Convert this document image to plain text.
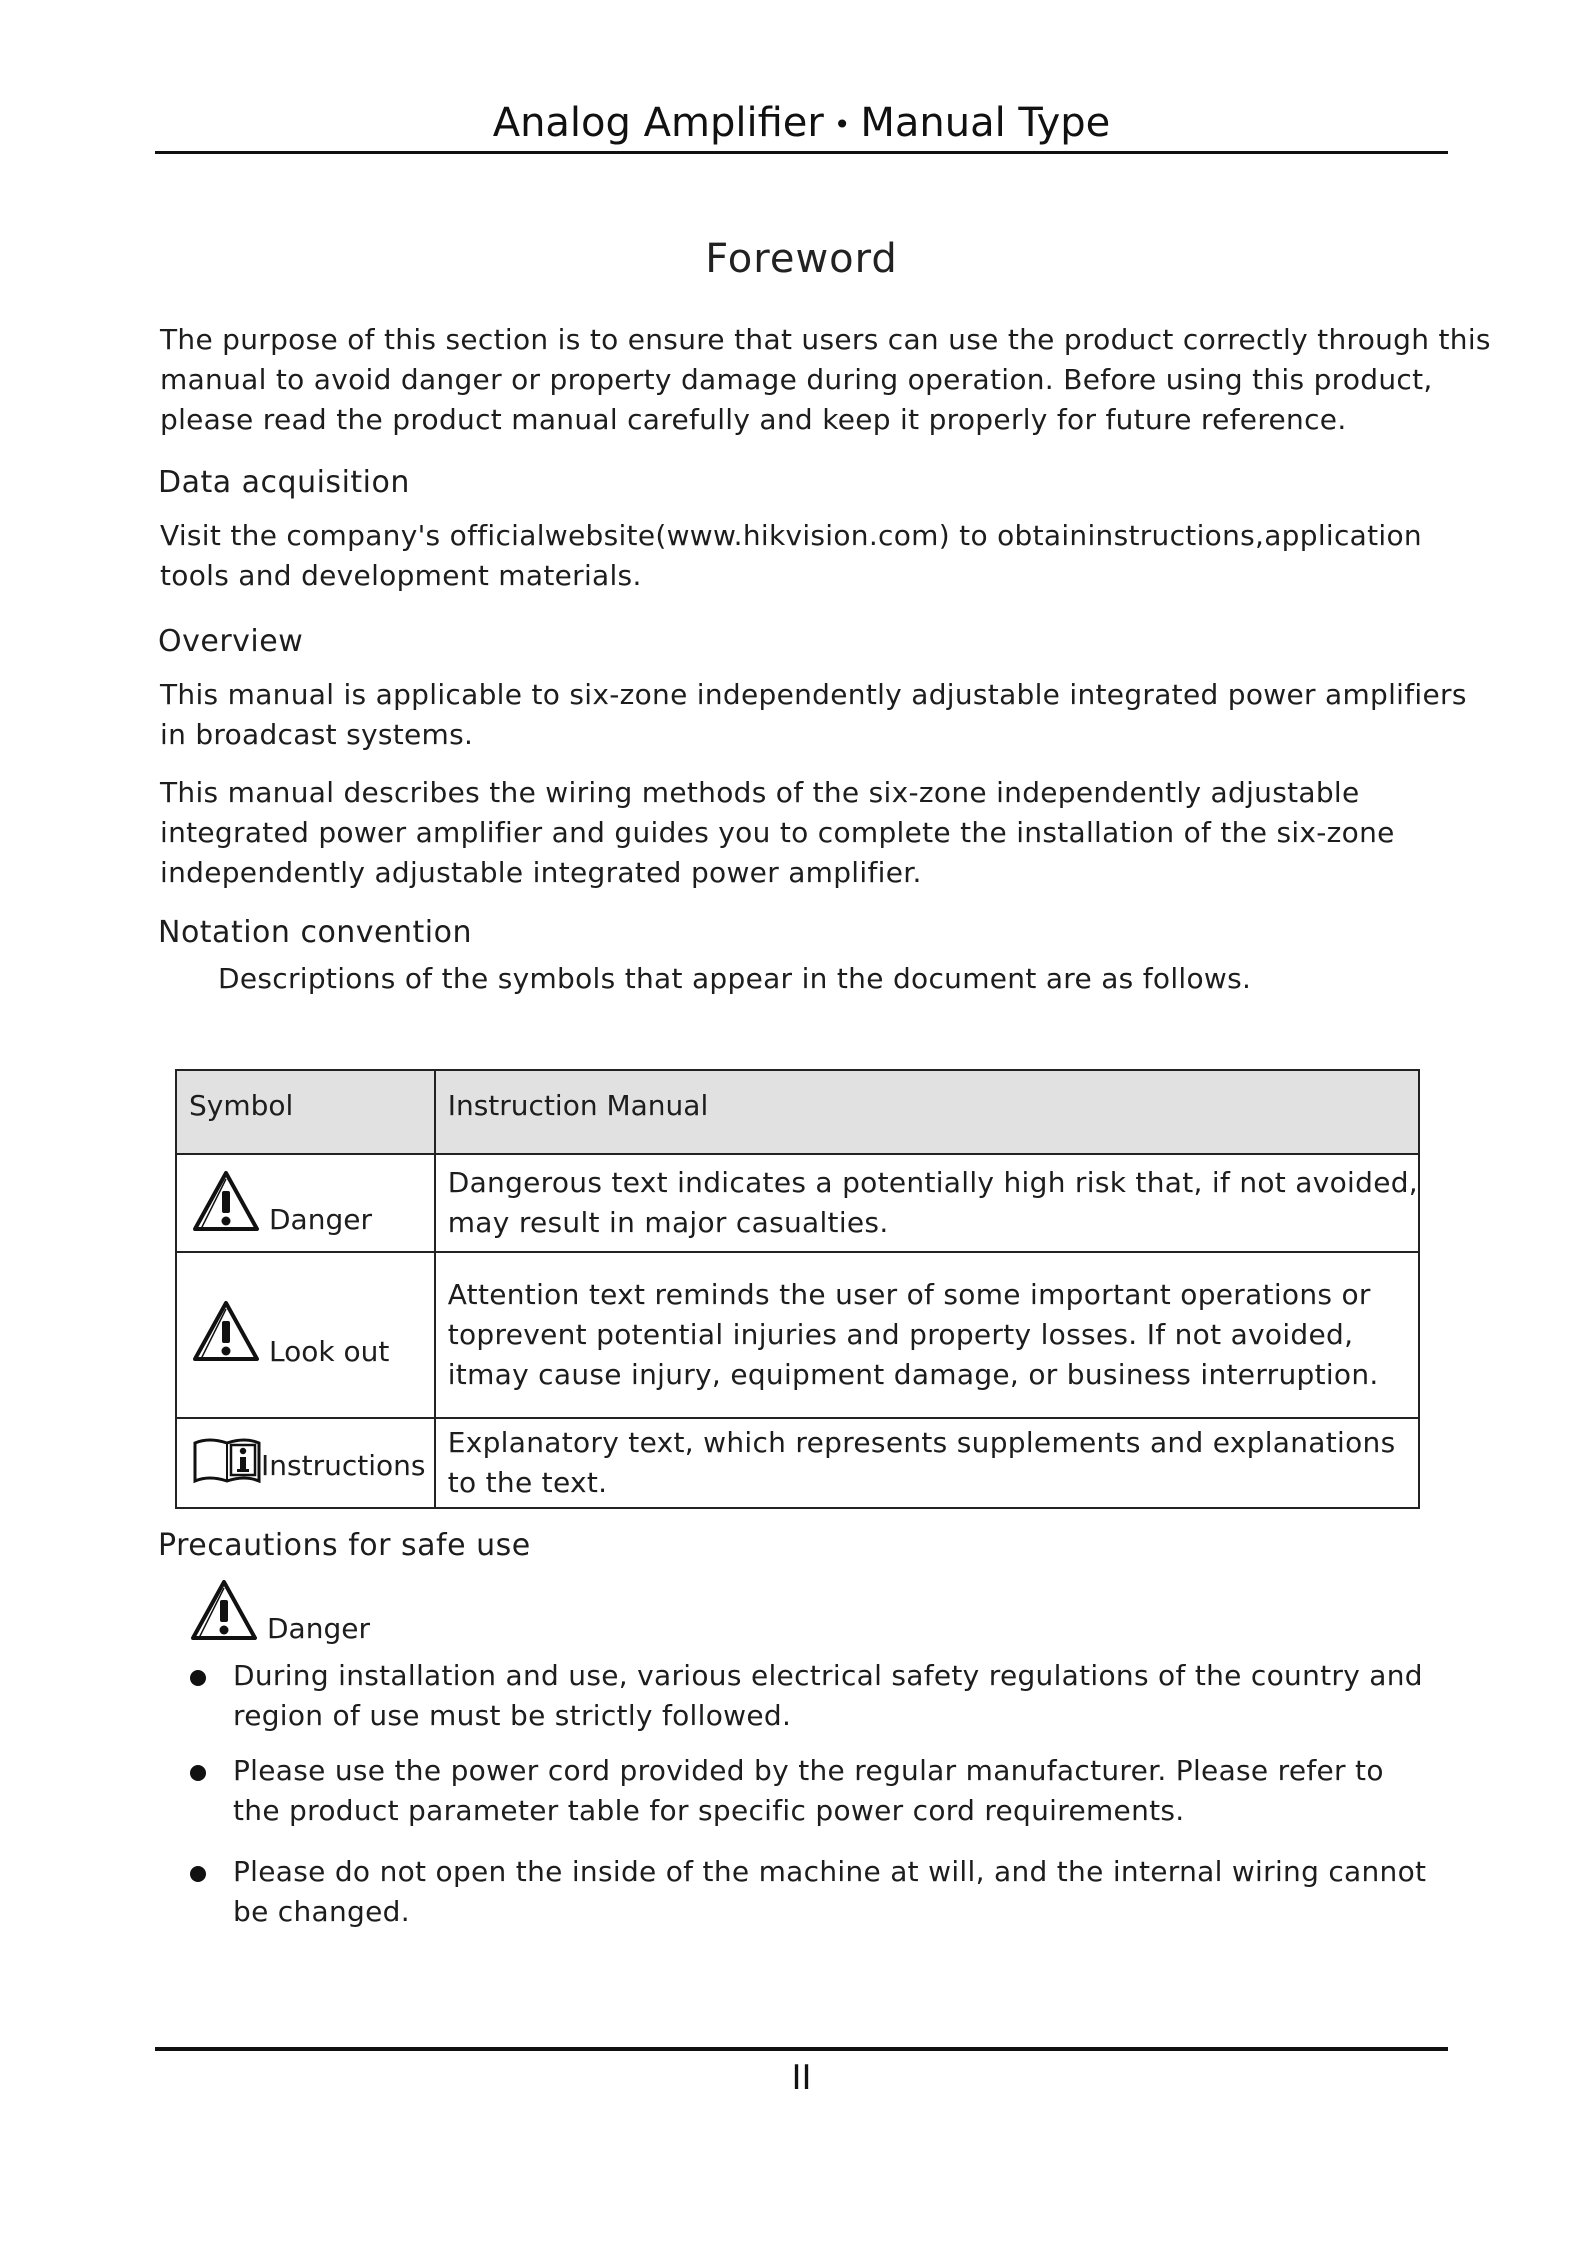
Analog Amplifier • Manual Type
Foreword
The purpose of this section is to ensure that users can use the product correctly through this
manual to avoid danger or property damage during operation. Before using this product,
please read the product manual carefully and keep it properly for future reference.
Data acquisition
Visit the company's officialwebsite(www.hikvision.com) to obtaininstructions,application
tools and development materials.
Overview
This manual is applicable to six-zone independently adjustable integrated power amplifiers
in broadcast systems.
This manual describes the wiring methods of the six-zone independently adjustable
integrated power amplifier and guides you to complete the installation of the six-zone
independently adjustable integrated power amplifier.
Notation convention
Descriptions of the symbols that appear in the document are as follows.
Symbol	Instruction Manual

Danger	Dangerous text indicates a potentially high risk that, if not avoided,
may result in major casualties.

Look out	Attention text reminds the user of some important operations or
toprevent potential injuries and property losses. If not avoided,
itmay cause injury, equipment damage, or business interruption.

Instructions	Explanatory text, which represents supplements and explanations
to the text.
Precautions for safe use
Danger
During installation and use, various electrical safety regulations of the country and
region of use must be strictly followed.
Please use the power cord provided by the regular manufacturer. Please refer to
the product parameter table for specific power cord requirements.
Please do not open the inside of the machine at will, and the internal wiring cannot
be changed.
II
